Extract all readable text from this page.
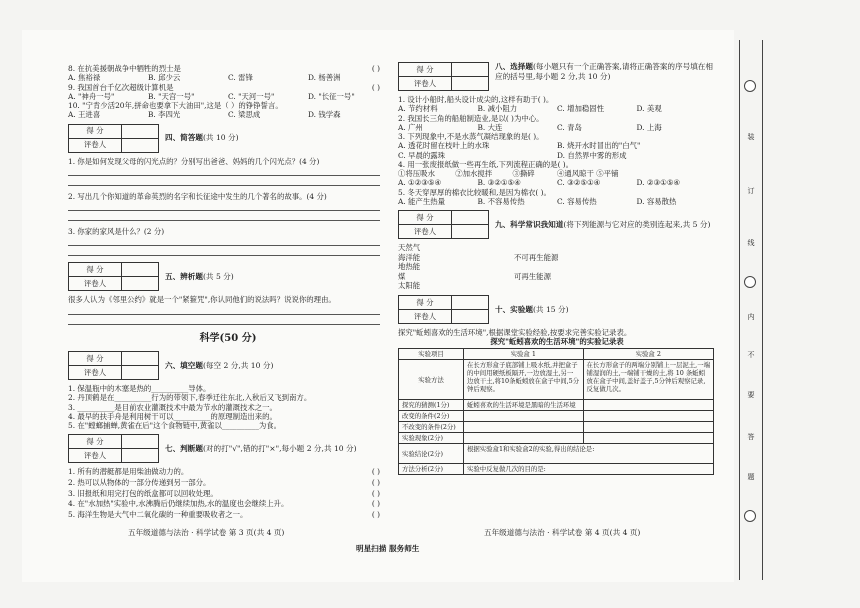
8. 在抗美援朝战争中牺牲的烈士是	( )

A. 焦裕禄	B. 邱少云	C. 雷锋	D. 杨善洲

9. 我国首台千亿次超级计算机是	( )

A. "神舟一号"	B. "天宫一号"	C. "天河一号"	D. "长征一号"

10. "宁肯少活20年,拼命也要拿下大油田",这是（ ）的铮铮誓言。

A. 王进喜	B. 李四光	C. 梁思成	D. 钱学森
得 分	
评卷人	
四、简答题(共 10 分)

1. 你是如何发现父母的闪光点的？分别写出爸爸、妈妈的几个闪光点？(4 分)

2. 写出几个你知道的革命英烈的名字和长征途中发生的几个著名的故事。(4 分)

3. 你家的家风是什么？(2 分)

得 分	
评卷人	
五、辨析题(共 5 分)

很多人认为《邻里公约》就是一个"紧箍咒",你认同他们的说法吗？说说你的理由。

科学(50 分)
得 分	
评卷人	
六、填空题(每空 2 分,共 10 分)

1. 保温瓶中的木塞是热的__________导体。

2. 丹顶鹤是在__________行为的带领下,春季迁往东北,入秋后又飞到南方。

3. __________是目前农业灌溉技术中最为节水的灌溉技术之一。

4. 最早的扶手舟是利用树干可以__________的原理制造出来的。

5. 在"螳螂捕蝉,黄雀在后"这个食物链中,黄雀以__________为食。

得 分	
评卷人	
七、判断题(对的打"√",错的打"×",每小题 2 分,共 10 分)

1. 所有的潜艇都是用柴油做动力的。	( )

2. 热可以从物体的一部分传递到另一部分。	( )

3. 旧报纸和用完打包的纸盒都可以回收处理。	( )

4. 在"水加热"实验中,水沸腾后仍继续加热,水的温度也会继续上升。	( )

5. 海洋生物是大气中二氧化碳的一种重要吸收者之一。	( )

五年级道德与法治 · 科学试卷 第 3 页(共 4 页)
明星扫描 服务师生
得 分	
评卷人	
八、选择题(每小题只有一个正确答案,请将正确答案的序号填在相应的括号里,每小题 2 分,共 10 分)

1. 设计小船时,船头设计成尖的,这样有助于( )。

A. 节约材料	B. 减小阻力	C. 增加稳固性	D. 美观

2. 我国长三角的船舶制造业,是以( )为中心。

A. 广州	B. 大连	C. 青岛	D. 上海

3. 下列现象中,不是水蒸气凝结现象的是( )。

A. 透花时留在枝叶上的水珠	B. 烧开水时冒出的"白气"
C. 早晨的露珠	D. 自然界中雾的形成

4. 用一张废报纸做一些再生纸,下列流程正确的是( )。

①将压吸水	②加水搅拌	③撕碎	④通风晾干 ⑤平铺
A. ①②③⑤④	B. ③②①⑤④	C. ③②⑤①④	D. ②③①⑤④

5. 冬天穿厚厚的棉衣比较暖和,是因为棉衣( )。

A. 能产生热量	B. 不容易传热	C. 容易传热	D. 容易散热
得 分	
评卷人	
九、科学常识我知道(将下列能源与它对应的类别连起来,共 5 分)
天然气
海洋能	不可再生能源
地热能
煤	可再生能源
太阳能
得 分	
评卷人	
十、实验题(共 15 分)

探究"蚯蚓喜欢的生活环境",根据课堂实验经验,按要求完善实验记录表。

探究"蚯蚓喜欢的生活环境"的实验记录表

实验项目	实验盒 1	实验盒 2
实验方法	在长方形盒子底部铺上吸水纸,并把盒子的中间用硬纸板隔开,一边放湿土,另一边放干土,将10条蚯蚓放在盒子中间,5分钟后观察。	在长方形盒子的两端分别铺上一层泥土,一端铺湿润的土,一端铺干燥的土,将 10 条蚯蚓放在盒子中间,盖好盖子,5分钟后观察记录,反复做几次。
探究的猜测(1分)	蚯蚓喜欢的生活环境是黑暗的生活环境	
改变的条件(2分)		
不改变的条件(2分)		
实验现象(2分)		
实验结论(2分)	根据实验盒1和实验盒2的实验,得出的结论是:	
方法分析(2分)	实验中反复做几次的目的是:	
五年级道德与法治 · 科学试卷 第 4 页(共 4 页)
装
订
线
内
不
要
答
题
